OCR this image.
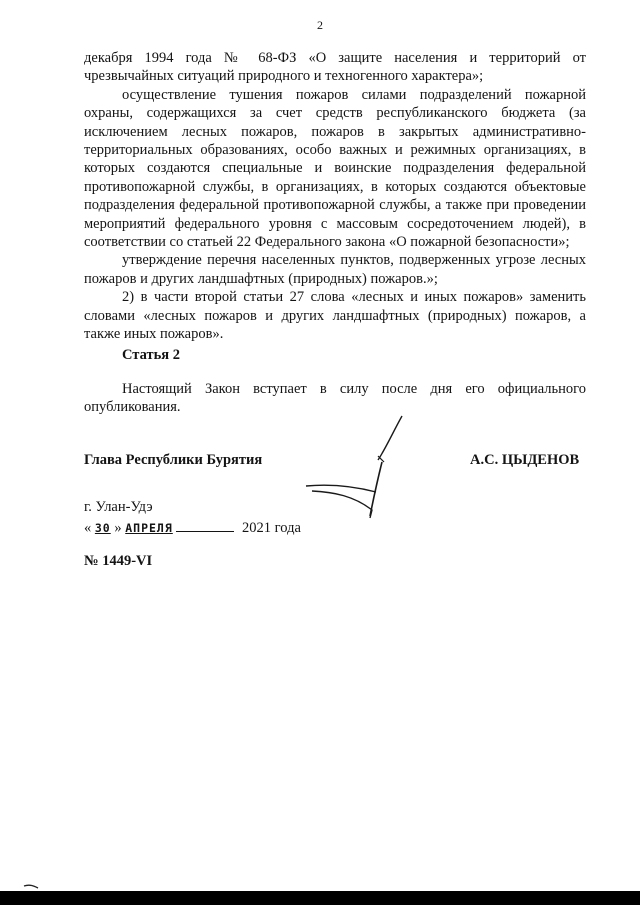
2

декабря 1994 года № 68-ФЗ «О защите населения и территорий от чрезвычайных ситуаций природного и техногенного характера»;

осуществление тушения пожаров силами подразделений пожарной охраны, содержащихся за счет средств республиканского бюджета (за исключением лесных пожаров, пожаров в закрытых административно-территориальных образованиях, особо важных и режимных организациях, в которых создаются специальные и воинские подразделения федеральной противопожарной службы, в организациях, в которых создаются объектовые подразделения федеральной противопожарной службы, а также при проведении мероприятий федерального уровня с массовым сосредоточением людей), в соответствии со статьей 22 Федерального закона «О пожарной безопасности»;

утверждение перечня населенных пунктов, подверженных угрозе лесных пожаров и других ландшафтных (природных) пожаров.»;

2) в части второй статьи 27 слова «лесных и иных пожаров» заменить словами «лесных пожаров и других ландшафтных (природных) пожаров, а также иных пожаров».

Статья 2

Настоящий Закон вступает в силу после дня его официального опубликования.

Глава Республики Бурятия	А.С. ЦЫДЕНОВ
г. Улан-Удэ
« 30 » АПРЕЛЯ	2021 года
№ 1449-VI
